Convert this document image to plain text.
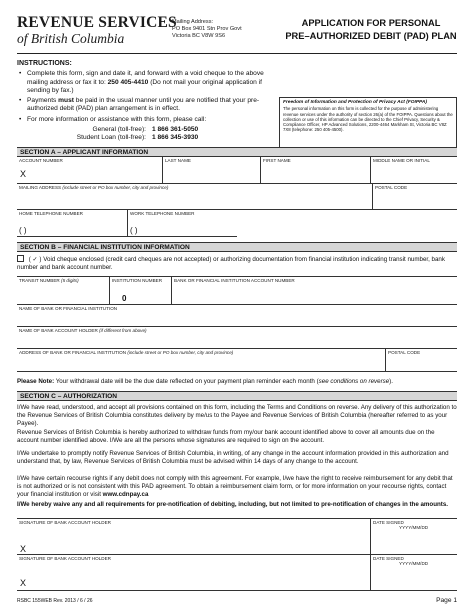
REVENUE SERVICES
of British Columbia
Mailing Address:
PO Box 9401 Stn Prov Govt
Victoria BC V8W 9S6
APPLICATION FOR PERSONAL
PRE–AUTHORIZED DEBIT (PAD) PLAN
INSTRUCTIONS:
• Complete this form, sign and date it, and forward with a void cheque to the above mailing address or fax it to: 250 405-4410 (Do not mail your original application if sending by fax.)
• Payments must be paid in the usual manner until you are notified that your pre-authorized debit (PAD) plan arrangement is in effect.
• For more information or assistance with this form, please call:
General (toll-free): 1 866 361-5050
Student Loan (toll-free): 1 866 345-3930
Freedom of Information and Protection of Privacy Act (FOIPPA)
The personal information on this form is collected for the purpose of administering revenue services under the authority of section 26(a) of the FOIPPA. Questions about the collection or use of this information can be directed to the Chief Privacy, Security & Compliance Officer, HP Advanced Solutions, 2200-4464 Markham St, Victoria BC V8Z 7X8 (telephone: 250 405-4500).
SECTION A – APPLICANT INFORMATION
ACCOUNT NUMBER
X
LAST NAME	FIRST NAME	MIDDLE NAME OR INITIAL
MAILING ADDRESS (include street or PO box number, city and province)	POSTAL CODE
HOME TELEPHONE NUMBER
( )
WORK TELEPHONE NUMBER
( )
SECTION B – FINANCIAL INSTITUTION INFORMATION
( ✓ ) Void cheque enclosed (credit card cheques are not accepted) or authorizing documentation from financial institution indicating transit number, bank number and bank account number.
TRANSIT NUMBER (5 digits)	INSTITUTION NUMBER
0
BANK OR FINANCIAL INSTITUTION ACCOUNT NUMBER
NAME OF BANK OR FINANCIAL INSTITUTION
NAME OF BANK ACCOUNT HOLDER (if different from above)
ADDRESS OF BANK OR FINANCIAL INSTITUTION (include street or PO box number, city and province)	POSTAL CODE
Please Note: Your withdrawal date will be the due date reflected on your payment plan reminder each month (see conditions on reverse).
SECTION C – AUTHORIZATION
I/We have read, understood, and accept all provisions contained on this form, including the Terms and Conditions on reverse. Any delivery of this authorization to the Revenue Services of British Columbia constitutes delivery by me/us to the Payee and Revenue Services of British Columbia (hereafter referred to as your Payee).
Revenue Services of British Columbia is hereby authorized to withdraw funds from my/our bank account identified above to cover all amounts due on the account number identified above. I/We are all the persons whose signatures are required to sign on the account.
I/We undertake to promptly notify Revenue Services of British Columbia, in writing, of any change in the account information provided in this authorization and understand that, by law, Revenue Services of British Columbia must be advised within 14 days of any change to the account.
I/We have certain recourse rights if any debit does not comply with this agreement. For example, I/we have the right to receive reimbursement for any debit that is not authorized or is not consistent with this PAD agreement. To obtain a reimbursement claim form, or for more information on your recourse rights, contact your financial institution or visit www.cdnpay.ca
I/We hereby waive any and all requirements for pre-notification of debiting, including, but not limited to pre-notification of changes in the amounts.
SIGNATURE OF BANK ACCOUNT HOLDER
X
DATE SIGNED
YYYY/MM/DD
SIGNATURE OF BANK ACCOUNT HOLDER
X
DATE SIGNED
YYYY/MM/DD
RSBC 155WEB Rev. 2013 / 6 / 26	Page 1
